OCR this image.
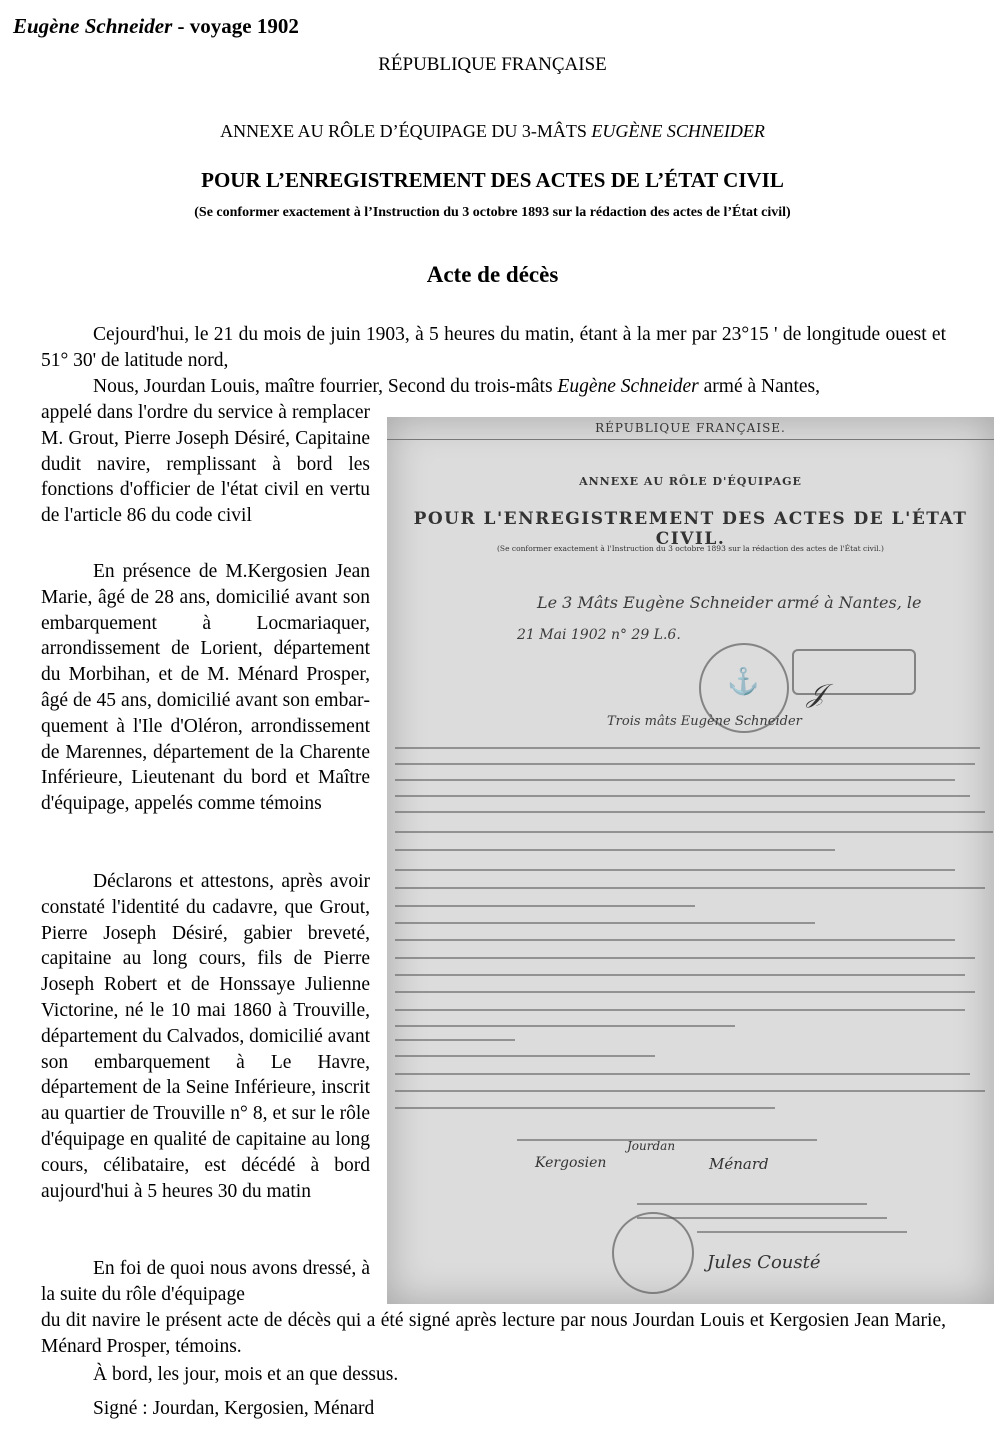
Eugène Schneider - voyage 1902
RÉPUBLIQUE FRANÇAISE
ANNEXE AU RÔLE D’ÉQUIPAGE DU 3-MÂTS EUGÈNE SCHNEIDER
POUR L’ENREGISTREMENT DES ACTES DE L’ÉTAT CIVIL
(Se conformer exactement à l’Instruction du 3 octobre 1893 sur la rédaction des actes de l’État civil)
Acte de décès
Cejourd'hui, le 21 du mois de juin 1903, à 5 heures du matin, étant à la mer par 23°15 ' de longitude ouest et 51° 30' de latitude nord,
Nous, Jourdan Louis, maître fourrier, Second du trois-mâts Eugène Schneider armé à Nantes,
appelé dans l'ordre du service à remplacer M. Grout, Pierre Joseph Désiré, Capitaine dudit navire, remplissant à bord les fonctions d'officier de l'état civil en vertu de l'article 86 du code civil
En présence de M.Kergosien Jean Marie, âgé de 28 ans, domicilié avant son embarquement à Locmariaquer, arrondissement de Lorient, département du Morbihan, et de M. Ménard Prosper, âgé de 45 ans, domicilié avant son embarquement à l'Ile d'Oléron, arrondissement de Marennes, département de la Charente Inférieure, Lieutenant du bord et Maître d'équipage, appelés comme témoins
Déclarons et attestons, après avoir constaté l'identité du cadavre, que Grout, Pierre Joseph Désiré, gabier breveté, capitaine au long cours, fils de Pierre Joseph Robert et de Honssaye Julienne Victorine, né le 10 mai 1860 à Trouville, département du Calvados, domicilié avant son embarquement à Le Havre, département de la Seine Inférieure, inscrit au quartier de Trouville n° 8, et sur le rôle d'équipage en qualité de capitaine au long cours, célibataire, est décédé à bord aujourd'hui à 5 heures 30 du matin
En foi de quoi nous avons dressé, à la suite du rôle d'équipage
du dit navire le présent acte de décès qui a été signé après lecture par nous Jourdan Louis et Kergosien Jean Marie, Ménard Prosper, témoins.
À bord, les jour, mois et an que dessus.
Signé : Jourdan, Kergosien, Ménard
RÉPUBLIQUE FRANÇAISE.
ANNEXE AU RÔLE D'ÉQUIPAGE
POUR L'ENREGISTREMENT DES ACTES DE L'ÉTAT CIVIL.
(Se conformer exactement à l'Instruction du 3 octobre 1893 sur la rédaction des actes de l'État civil.)
Le 3 Mâts Eugène Schneider armé à Nantes, le
21 Mai 1902 n° 29 L.6.
⚓ 𝒥
Trois mâts Eugène Schneider
Kergosien
Jourdan
Ménard
Jules Cousté
